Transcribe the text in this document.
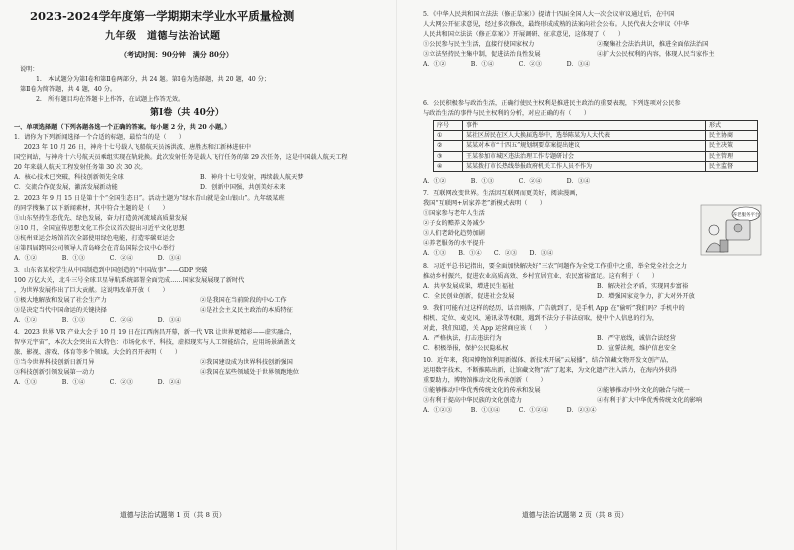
2023-2024学年度第一学期期末学业水平质量检测
九年级　道德与法治试题
（考试时间：90分钟　满分 80分）
说明：
1.　本试题分为第Ⅰ卷和第Ⅱ卷两部分，共 24 题。第Ⅰ卷为选择题，共 20 题，40 分；
第Ⅱ卷为简答题，共 4 题，40 分。
2.　所有题目均在答题卡上作答，在试题上作答无效。
第Ⅰ卷（共 40分）
一、单项选择题（下列各题各选一个正确的答案。每小题 2 分，共 20 小题。）
1．请你为下列新闻选择一个合适的标题，最恰当的是（　　）
2023 年 10 月 26 日，神舟十七号载人飞船航天员汤洪波、唐胜杰和江新林进驻中
国空间站，与神舟十六号航天员乘组实现在轨轮换。此次发射任务是载人飞行任务的第 29 次任务，这是中国载人航天工程
20 年来载人航天工程发射任务第 30 次 30 次。
A．核心技术已突破，科技创新领先全球	B．神舟十七号发射，再续载人航天梦
C．交流合作促发展，激活发展新动能	D．创新中国强，共创美好未来
2．2023 年 9 月 15 日是第十个“全国生态日”。活动主题为“绿水青山就是金山银山”。九年级某班
的同学搜集了以下新闻素材，其中符合主题的是（　　）
①山东坚持生态优先、绿色发展，奋力打造黄河流域高质量发展
②10 月，全国宣传思想文化工作会议首次提出习近平文化思想
③杭州亚运会场馆首次全部使用绿色电能，打造零碳亚运会
④第四届跨国公司领导人青岛峰会在青岛国际会议中心举行
A．①②　　　　B．①③　　　　C．②④　　　　D．③④
3．山东省某校学生从中国制造到中国创造的“中国故事”——GDP 突破
100 万亿大关，北斗三号全球卫星导航系统部署全面完成……国家发展展现了新时代
，为世界发展作出了巨大贡献。这说明改革开放（　　）
①极大地解放和发展了社会生产力	②是我国在当前阶段的中心工作
③是决定当代中国命运的关键抉择	④是社会主义民主政治的本质特征
A．①②　　　　B．①③　　　　C．②④　　　　D．③④
4．2023 世界 VR 产业大会于 10 月 19 日在江西南昌开幕，新一代 VR 让世界更精彩——虚实融合，
智享元宇宙”，本次大会突出五大特色：市场化水平、科技，虚拟现实与人工智能结合，应用场景涵盖文
旅、影视、游戏、体育等多个领域。大会的召开表明（　　）
①当今世界科技创新日新月异	②我国建设成为世界科技创新强国
③科技创新引领发展第一动力	④我国在某些领域处于世界领跑地位
A．①③　　　　B．①④　　　　C．②③　　　　D．②④
道德与法治试题第 1 页（共 8 页）
5．《中华人民共和国立法法（修正草案）》提请十四届全国人大一次会议审议通过后，在中国
人大网公开征求意见，经过多次修改，最终形成成熟的法案向社会公布。人民代表大会审议《中华
人民共和国立法法（修正草案）》开展调研、征求意见，这体现了（　　）
①公民参与民主生活，直接行使国家权力	②聚集社会法治共识，推进全面依法治国
③立法坚持民主集中制，促进法治良性发展	④扩大公民权利的内容，体现人民当家作主
A．①②　　　　B．①④　　　　C．②③　　　　D．③④
6．公民积极参与政治生活，正确行使民主权利是推进民主政治的重要表现，下列连项对公民参
与政治生活的事件与民主权利的分析，对应正确的有（　　）
序号	事件	形式
①	某社区居民在区人大换届选举中，选举陈某为人大代表	民主协商
②	某某对本市“十四五”规划纲要草案提出建议	民主决策
③	王某参加市城区违法治理工作专题研讨会	民主管理
④	某某拨打市长热线举报政府机关工作人员不作为	民主监督
A．①②　　　　B．①③　　　　C．②④　　　　D．③④
7．互联网改变世界。生活因互联网而更美好，阅读漫画，
我国“互联网+居家养老”新模式表明（　　）
①国家参与老年人生活
②子女的赡养义务减少
③人们老龄化趋势加剧
④养老服务的水平提升
A．①③　　B．①④　　C．②③　　D．③④
养老服务平台
8．习近平总书记指出，要全面加快解决好“三农”问题作为全党工作重中之重，举全党全社会之力
推动乡村振兴，促进农业高质高效、乡村宜居宜业、农民富裕富足。这有利于（　　）
A．共享发展成果，增进民生福祉	B．解决社会矛盾，实现同步富裕
C．全民创业创新，促进社会发展	D．增强国家竞争力，扩大对外开放
9．我们可能有过这样的经历，话音刚落，广告就到了，是手机 App 在“偷听”我们吗？手机中的
相机、定位、麦克风、通讯录等权限，遇到不法分子非法窃取，使中个人信息的行为，
对此，我们知道，关 App 运营商应该（　　）
A．严格执法，打击违法行为	B．严守底线，诚信合法经营
C．积极举报，保护公民隐私权	D．宣誓法规，维护信息安全
10．近年来，我国博物馆利用新媒体、新技术开展“云展播”，结合馆藏文物开发文创产品，
运用数字技术，不断推陈出新，让馆藏文物“活”了起来，为文化遗产注入活力，在海内外获得
重要助力，博物馆推动文化传承创新（　　）
①能够推动中华优秀传统文化的传承和发展	②能够推动中外文化的融合与统一
③有利于提高中华民族的文化创造力	④有利于扩大中华优秀传统文化的影响
A．①②③　　　B．①③④　　　C．①②④　　　D．②③④
道德与法治试题第 2 页（共 8 页）
